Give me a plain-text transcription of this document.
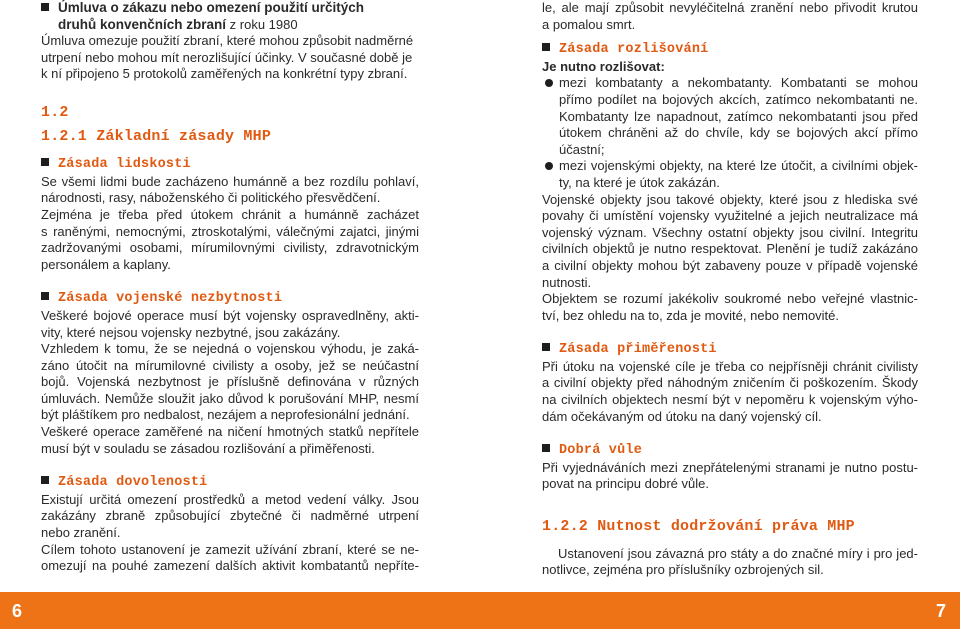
Úmluva o zákazu nebo omezení použití určitých
druhů konvenčních zbraní z roku 1980
Úmluva omezuje použití zbraní, které mohou způsobit nadměrné
utrpení nebo mohou mít nerozlišující účinky. V současné době je
k ní připojeno 5 protokolů zaměřených na konkrétní typy zbraní.
1.2
1.2.1 Základní zásady MHP
Zásada lidskosti
Se všemi lidmi bude zacházeno humánně a bez rozdílu pohlaví,
národnosti, rasy, náboženského či politického přesvědčení.
Zejména je třeba před útokem chránit a humánně zacházet
s raněnými, nemocnými, ztroskotalými, válečnými zajatci, jinými
zadržovanými osobami, mírumilovnými civilisty, zdravotnickým
personálem a kaplany.
Zásada vojenské nezbytnosti
Veškeré bojové operace musí být vojensky ospravedlněny, akti-
vity, které nejsou vojensky nezbytné, jsou zakázány.
Vzhledem k tomu, že se nejedná o vojenskou výhodu, je zaká-
záno útočit na mírumilovné civilisty a osoby, jež se neúčastní
bojů. Vojenská nezbytnost je příslušně definována v různých
úmluvách. Nemůže sloužit jako důvod k porušování MHP, nesmí
být pláštíkem pro nedbalost, nezájem a neprofesionální jednání.
Veškeré operace zaměřené na ničení hmotných statků nepřítele
musí být v souladu se zásadou rozlišování a přiměřenosti.
Zásada dovolenosti
Existují určitá omezení prostředků a metod vedení války. Jsou
zakázány zbraně způsobující zbytečné či nadměrné utrpení
nebo zranění.
Cílem tohoto ustanovení je zamezit užívání zbraní, které se ne-
omezují na pouhé zamezení dalších aktivit kombatantů nepříte-
le, ale mají způsobit nevyléčitelná zranění nebo přivodit krutou
a pomalou smrt.
Zásada rozlišování
Je nutno rozlišovat:
mezi kombatanty a nekombatanty. Kombatanti se mohou
přímo podílet na bojových akcích, zatímco nekombatanti ne.
Kombatanty lze napadnout, zatímco nekombatanti jsou před
útokem chráněni až do chvíle, kdy se bojových akcí přímo
účastní;
mezi vojenskými objekty, na které lze útočit, a civilními objek-
ty, na které je útok zakázán.
Vojenské objekty jsou takové objekty, které jsou z hlediska své
povahy či umístění vojensky využitelné a jejich neutralizace má
vojenský význam. Všechny ostatní objekty jsou civilní. Integritu
civilních objektů je nutno respektovat. Plenění je tudíž zakázáno
a civilní objekty mohou být zabaveny pouze v případě vojenské
nutnosti.
Objektem se rozumí jakékoliv soukromé nebo veřejné vlastnic-
tví, bez ohledu na to, zda je movité, nebo nemovité.
Zásada přiměřenosti
Při útoku na vojenské cíle je třeba co nejpřísněji chránit civilisty
a civilní objekty před náhodným zničením či poškozením. Škody
na civilních objektech nesmí být v nepoměru k vojenským výho-
dám očekávaným od útoku na daný vojenský cíl.
Dobrá vůle
Při vyjednáváních mezi znepřátelenými stranami je nutno postu-
povat na principu dobré vůle.
1.2.2 Nutnost dodržování práva MHP
Ustanovení jsou závazná pro státy a do značné míry i pro jed-
notlivce, zejména pro příslušníky ozbrojených sil.
6	7
